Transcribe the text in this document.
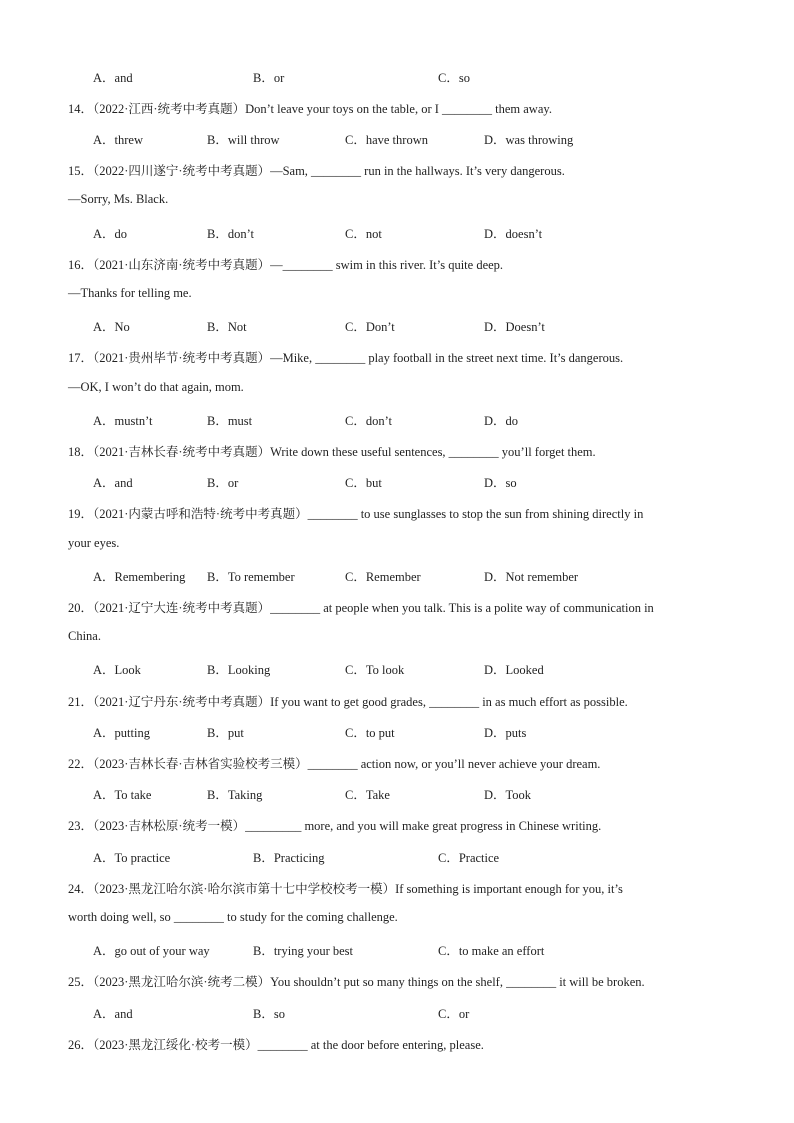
A．and	B．or	C．so
14．（2022·江西·统考中考真题）Don’t leave your toys on the table, or I ________ them away.
A．threw	B．will throw	C．have thrown	D．was throwing
15．（2022·四川遂宁·统考中考真题）—Sam, ________ run in the hallways. It’s very dangerous.
—Sorry, Ms. Black.
A．do	B．don’t	C．not	D．doesn’t
16．（2021·山东济南·统考中考真题）—________ swim in this river. It’s quite deep.
—Thanks for telling me.
A．No	B．Not	C．Don’t	D．Doesn’t
17．（2021·贵州毕节·统考中考真题）—Mike, ________ play football in the street next time. It’s dangerous.
—OK, I won’t do that again, mom.
A．mustn’t	B．must	C．don’t	D．do
18．（2021·吉林长春·统考中考真题）Write down these useful sentences, ________ you’ll forget them.
A．and	B．or	C．but	D．so
19．（2021·内蒙古呼和浩特·统考中考真题）________ to use sunglasses to stop the sun from shining directly in
your eyes.
A．Remembering B．To remember	C．Remember	D．Not remember
20．（2021·辽宁大连·统考中考真题）________ at people when you talk. This is a polite way of communication in
China.
A．Look	B．Looking	C．To look	D．Looked
21．（2021·辽宁丹东·统考中考真题）If you want to get good grades, ________ in as much effort as possible.
A．putting	B．put	C．to put	D．puts
22．（2023·吉林长春·吉林省实验校考三模）________ action now, or you’ll never achieve your dream.
A．To take	B．Taking	C．Take	D．Took
23．（2023·吉林松原·统考一模）_________ more, and you will make great progress in Chinese writing.
A．To practice	B．Practicing	C．Practice
24．（2023·黑龙江哈尔滨·哈尔滨市第十七中学校校考一模）If something is important enough for you, it’s
worth doing well, so ________ to study for the coming challenge.
A．go out of your way	B．trying your best	C．to make an effort
25．（2023·黑龙江哈尔滨·统考二模）You shouldn’t put so many things on the shelf, ________ it will be broken.
A．and	B．so	C．or
26．（2023·黑龙江绥化·校考一模）________ at the door before entering, please.
